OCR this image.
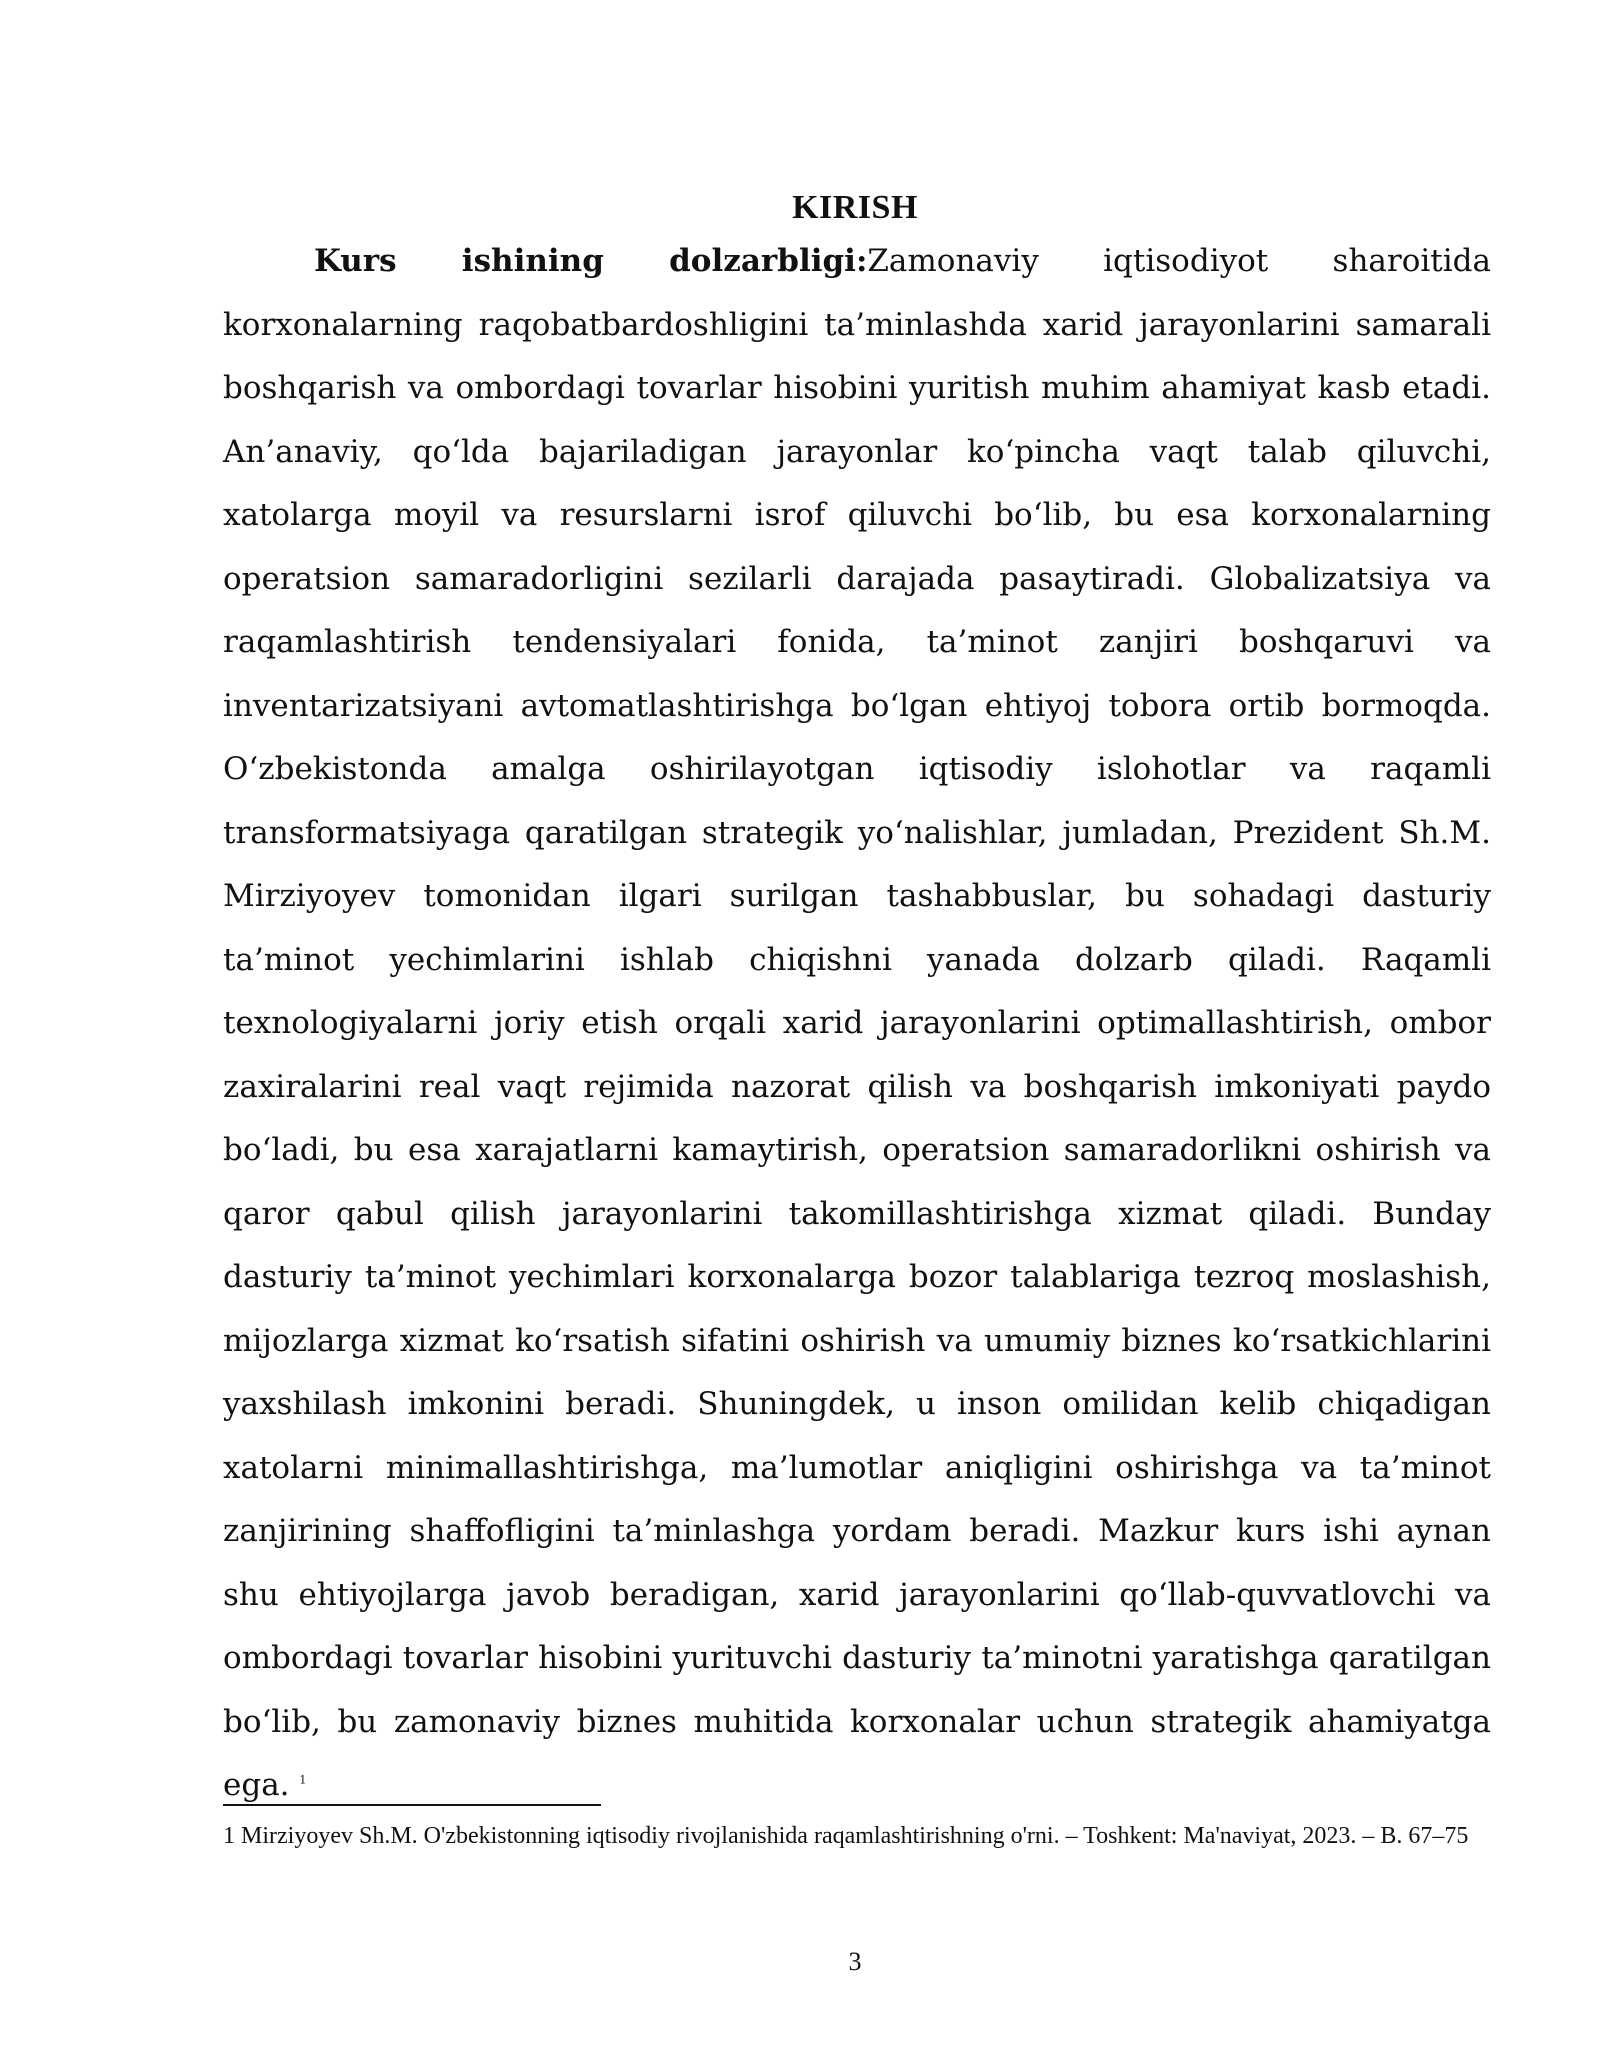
KIRISH

Kurs ishining dolzarbligi:Zamonaviy iqtisodiyot sharoitida korxonalarning raqobatbardoshligini ta’minlashda xarid jarayonlarini samarali boshqarish va ombordagi tovarlar hisobini yuritish muhim ahamiyat kasb etadi. An’anaviy, qo‘lda bajariladigan jarayonlar ko‘pincha vaqt talab qiluvchi, xatolarga moyil va resurslarni isrof qiluvchi bo‘lib, bu esa korxonalarning operatsion samaradorligini sezilarli darajada pasaytiradi. Globalizatsiya va raqamlashtirish tendensiyalari fonida, ta’minot zanjiri boshqaruvi va inventarizatsiyani avtomatlashtirishga bo‘lgan ehtiyoj tobora ortib bormoqda. O‘zbekistonda amalga oshirilayotgan iqtisodiy islohotlar va raqamli transformatsiyaga qaratilgan strategik yo‘nalishlar, jumladan, Prezident Sh.M. Mirziyoyev tomonidan ilgari surilgan tashabbuslar, bu sohadagi dasturiy ta’minot yechimlarini ishlab chiqishni yanada dolzarb qiladi. Raqamli texnologiyalarni joriy etish orqali xarid jarayonlarini optimallashtirish, ombor zaxiralarini real vaqt rejimida nazorat qilish va boshqarish imkoniyati paydo bo‘ladi, bu esa xarajatlarni kamaytirish, operatsion samaradorlikni oshirish va qaror qabul qilish jarayonlarini takomillashtirishga xizmat qiladi. Bunday dasturiy ta’minot yechimlari korxonalarga bozor talablariga tezroq moslashish, mijozlarga xizmat ko‘rsatish sifatini oshirish va umumiy biznes ko‘rsatkichlarini yaxshilash imkonini beradi. Shuningdek, u inson omilidan kelib chiqadigan xatolarni minimallashtirishga, ma’lumotlar aniqligini oshirishga va ta’minot zanjirining shaffofligini ta’minlashga yordam beradi. Mazkur kurs ishi aynan shu ehtiyojlarga javob beradigan, xarid jarayonlarini qo‘llab-quvvatlovchi va ombordagi tovarlar hisobini yurituvchi dasturiy ta’minotni yaratishga qaratilgan bo‘lib, bu zamonaviy biznes muhitida korxonalar uchun strategik ahamiyatga ega. $^1$

1 Mirziyoyev Sh.M. O'zbekistonning iqtisodiy rivojlanishida raqamlashtirishning o'rni. – Toshkent: Ma'naviyat, 2023. – B. 67–75

3
